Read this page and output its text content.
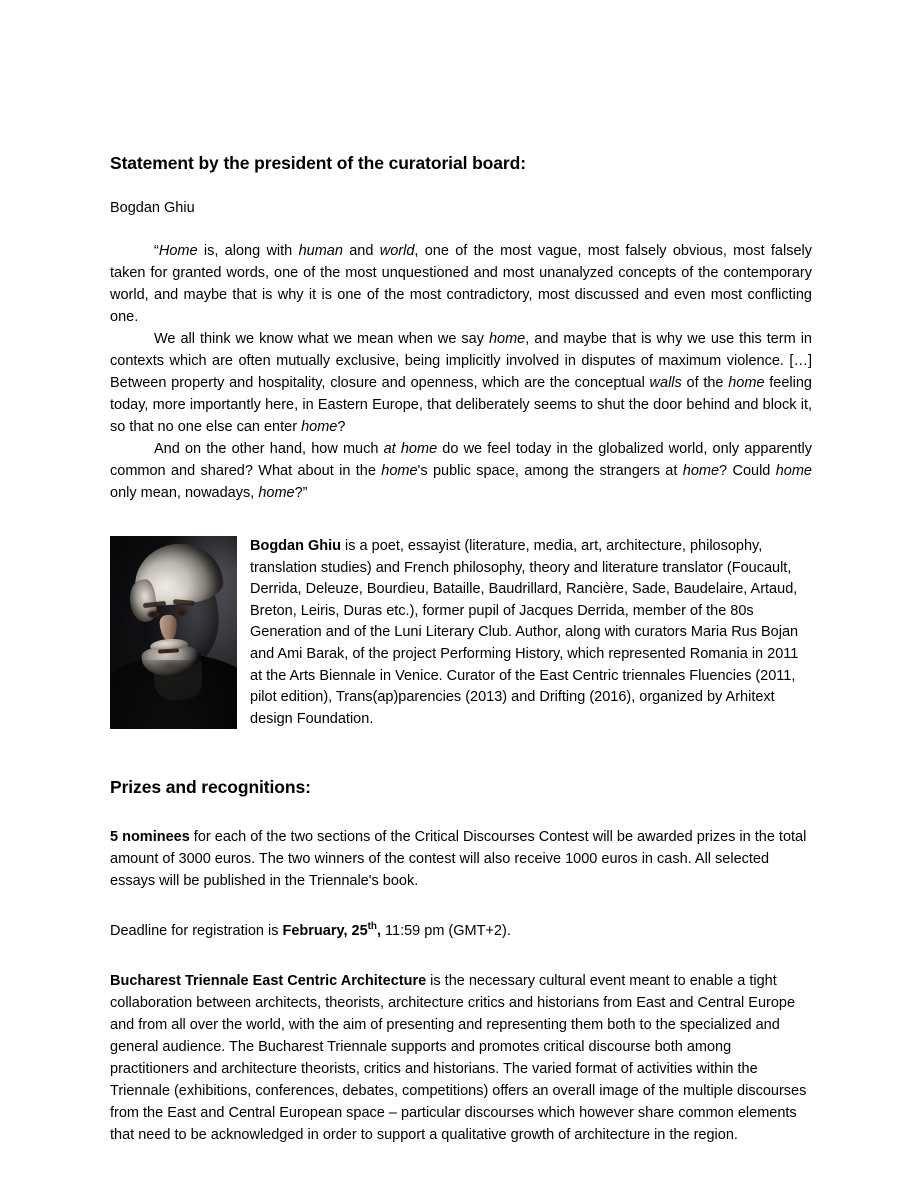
Statement by the president of the curatorial board:
Bogdan Ghiu

“Home is, along with human and world, one of the most vague, most falsely obvious, most falsely taken for granted words, one of the most unquestioned and most unanalyzed concepts of the contemporary world, and maybe that is why it is one of the most contradictory, most discussed and even most conflicting one.

We all think we know what we mean when we say home, and maybe that is why we use this term in contexts which are often mutually exclusive, being implicitly involved in disputes of maximum violence. […] Between property and hospitality, closure and openness, which are the conceptual walls of the home feeling today, more importantly here, in Eastern Europe, that deliberately seems to shut the door behind and block it, so that no one else can enter home?

And on the other hand, how much at home do we feel today in the globalized world, only apparently common and shared? What about in the home's public space, among the strangers at home? Could home only mean, nowadays, home?”

Bogdan Ghiu is a poet, essayist (literature, media, art, architecture, philosophy, translation studies) and French philosophy, theory and literature translator (Foucault, Derrida, Deleuze, Bourdieu, Bataille, Baudrillard, Rancière, Sade, Baudelaire, Artaud, Breton, Leiris, Duras etc.), former pupil of Jacques Derrida, member of the 80s Generation and of the Luni Literary Club. Author, along with curators Maria Rus Bojan and Ami Barak, of the project Performing History, which represented Romania in 2011 at the Arts Biennale in Venice. Curator of the East Centric triennales Fluencies (2011, pilot edition), Trans(ap)parencies (2013) and Drifting (2016), organized by Arhitext design Foundation.
Prizes and recognitions:

5 nominees for each of the two sections of the Critical Discourses Contest will be awarded prizes in the total amount of 3000 euros. The two winners of the contest will also receive 1000 euros in cash. All selected essays will be published in the Triennale's book.

Deadline for registration is February, 25th, 11:59 pm (GMT+2).

Bucharest Triennale East Centric Architecture is the necessary cultural event meant to enable a tight collaboration between architects, theorists, architecture critics and historians from East and Central Europe and from all over the world, with the aim of presenting and representing them both to the specialized and general audience. The Bucharest Triennale supports and promotes critical discourse both among practitioners and architecture theorists, critics and historians. The varied format of activities within the Triennale (exhibitions, conferences, debates, competitions) offers an overall image of the multiple discourses from the East and Central European space – particular discourses which however share common elements that need to be acknowledged in order to support a qualitative growth of architecture in the region.
